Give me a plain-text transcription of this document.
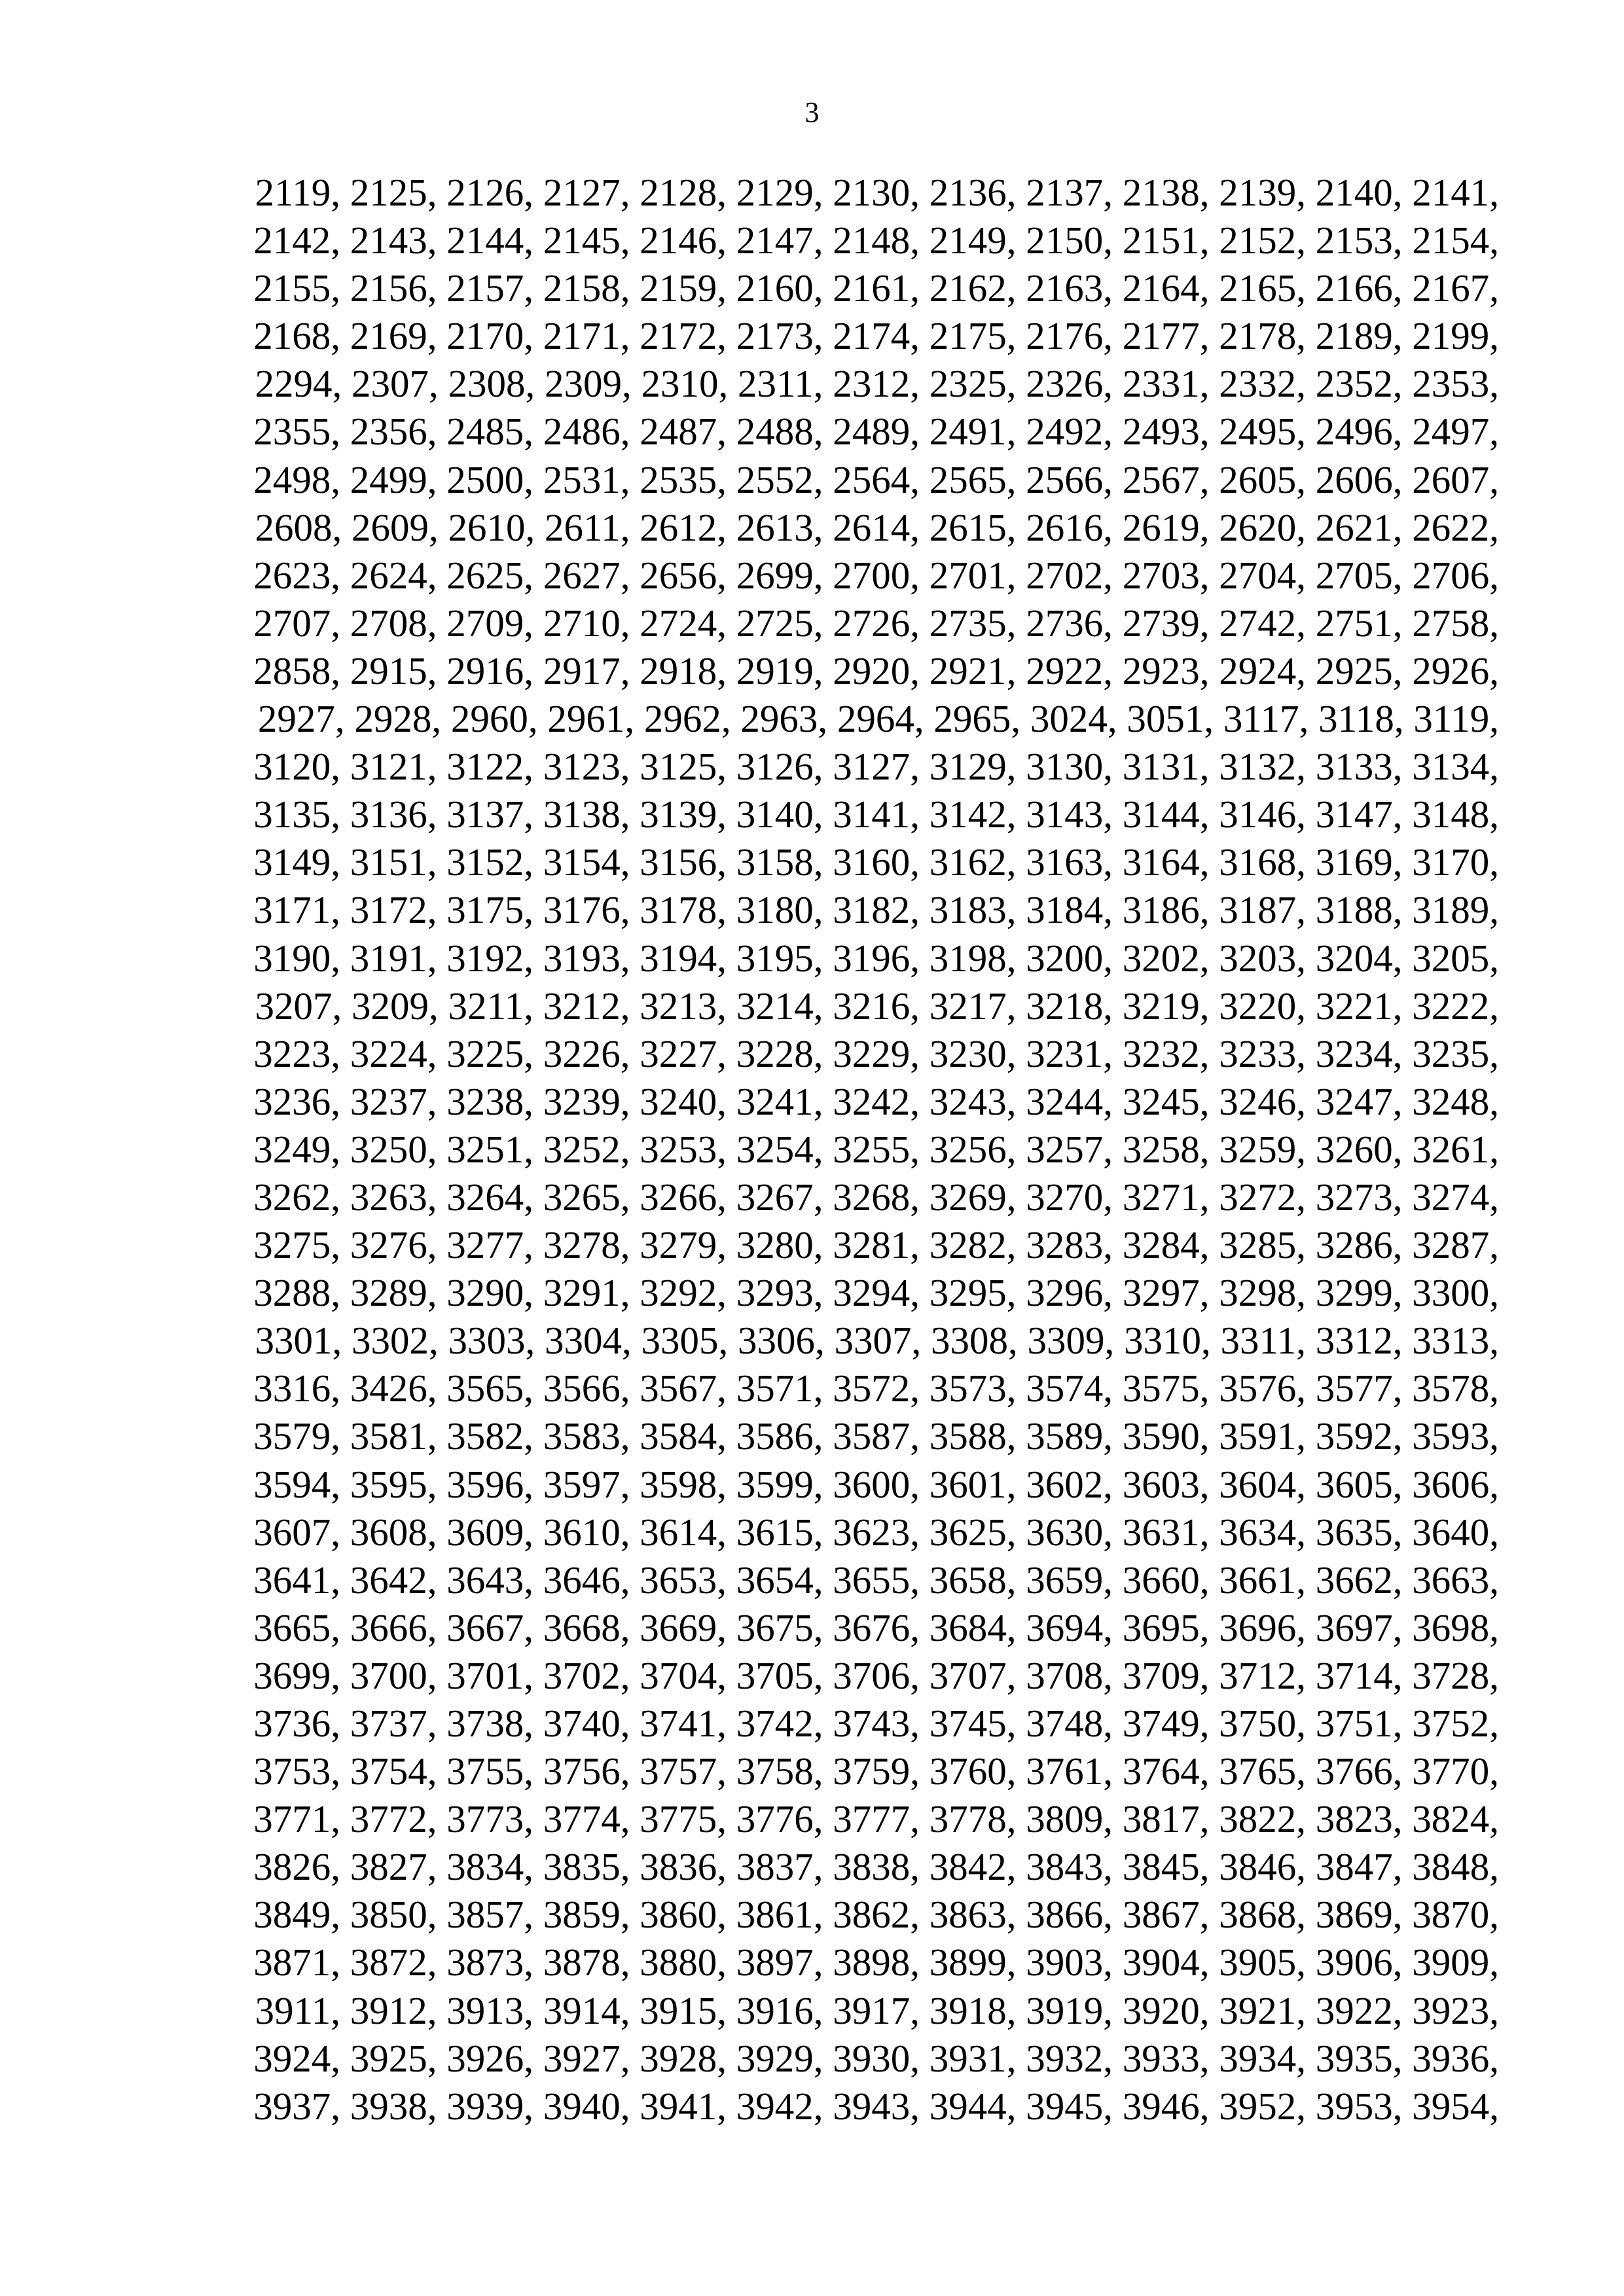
3
2119, 2125, 2126, 2127, 2128, 2129, 2130, 2136, 2137, 2138, 2139, 2140, 2141,
2142, 2143, 2144, 2145, 2146, 2147, 2148, 2149, 2150, 2151, 2152, 2153, 2154,
2155, 2156, 2157, 2158, 2159, 2160, 2161, 2162, 2163, 2164, 2165, 2166, 2167,
2168, 2169, 2170, 2171, 2172, 2173, 2174, 2175, 2176, 2177, 2178, 2189, 2199,
2294, 2307, 2308, 2309, 2310, 2311, 2312, 2325, 2326, 2331, 2332, 2352, 2353,
2355, 2356, 2485, 2486, 2487, 2488, 2489, 2491, 2492, 2493, 2495, 2496, 2497,
2498, 2499, 2500, 2531, 2535, 2552, 2564, 2565, 2566, 2567, 2605, 2606, 2607,
2608, 2609, 2610, 2611, 2612, 2613, 2614, 2615, 2616, 2619, 2620, 2621, 2622,
2623, 2624, 2625, 2627, 2656, 2699, 2700, 2701, 2702, 2703, 2704, 2705, 2706,
2707, 2708, 2709, 2710, 2724, 2725, 2726, 2735, 2736, 2739, 2742, 2751, 2758,
2858, 2915, 2916, 2917, 2918, 2919, 2920, 2921, 2922, 2923, 2924, 2925, 2926,
2927, 2928, 2960, 2961, 2962, 2963, 2964, 2965, 3024, 3051, 3117, 3118, 3119,
3120, 3121, 3122, 3123, 3125, 3126, 3127, 3129, 3130, 3131, 3132, 3133, 3134,
3135, 3136, 3137, 3138, 3139, 3140, 3141, 3142, 3143, 3144, 3146, 3147, 3148,
3149, 3151, 3152, 3154, 3156, 3158, 3160, 3162, 3163, 3164, 3168, 3169, 3170,
3171, 3172, 3175, 3176, 3178, 3180, 3182, 3183, 3184, 3186, 3187, 3188, 3189,
3190, 3191, 3192, 3193, 3194, 3195, 3196, 3198, 3200, 3202, 3203, 3204, 3205,
3207, 3209, 3211, 3212, 3213, 3214, 3216, 3217, 3218, 3219, 3220, 3221, 3222,
3223, 3224, 3225, 3226, 3227, 3228, 3229, 3230, 3231, 3232, 3233, 3234, 3235,
3236, 3237, 3238, 3239, 3240, 3241, 3242, 3243, 3244, 3245, 3246, 3247, 3248,
3249, 3250, 3251, 3252, 3253, 3254, 3255, 3256, 3257, 3258, 3259, 3260, 3261,
3262, 3263, 3264, 3265, 3266, 3267, 3268, 3269, 3270, 3271, 3272, 3273, 3274,
3275, 3276, 3277, 3278, 3279, 3280, 3281, 3282, 3283, 3284, 3285, 3286, 3287,
3288, 3289, 3290, 3291, 3292, 3293, 3294, 3295, 3296, 3297, 3298, 3299, 3300,
3301, 3302, 3303, 3304, 3305, 3306, 3307, 3308, 3309, 3310, 3311, 3312, 3313,
3316, 3426, 3565, 3566, 3567, 3571, 3572, 3573, 3574, 3575, 3576, 3577, 3578,
3579, 3581, 3582, 3583, 3584, 3586, 3587, 3588, 3589, 3590, 3591, 3592, 3593,
3594, 3595, 3596, 3597, 3598, 3599, 3600, 3601, 3602, 3603, 3604, 3605, 3606,
3607, 3608, 3609, 3610, 3614, 3615, 3623, 3625, 3630, 3631, 3634, 3635, 3640,
3641, 3642, 3643, 3646, 3653, 3654, 3655, 3658, 3659, 3660, 3661, 3662, 3663,
3665, 3666, 3667, 3668, 3669, 3675, 3676, 3684, 3694, 3695, 3696, 3697, 3698,
3699, 3700, 3701, 3702, 3704, 3705, 3706, 3707, 3708, 3709, 3712, 3714, 3728,
3736, 3737, 3738, 3740, 3741, 3742, 3743, 3745, 3748, 3749, 3750, 3751, 3752,
3753, 3754, 3755, 3756, 3757, 3758, 3759, 3760, 3761, 3764, 3765, 3766, 3770,
3771, 3772, 3773, 3774, 3775, 3776, 3777, 3778, 3809, 3817, 3822, 3823, 3824,
3826, 3827, 3834, 3835, 3836, 3837, 3838, 3842, 3843, 3845, 3846, 3847, 3848,
3849, 3850, 3857, 3859, 3860, 3861, 3862, 3863, 3866, 3867, 3868, 3869, 3870,
3871, 3872, 3873, 3878, 3880, 3897, 3898, 3899, 3903, 3904, 3905, 3906, 3909,
3911, 3912, 3913, 3914, 3915, 3916, 3917, 3918, 3919, 3920, 3921, 3922, 3923,
3924, 3925, 3926, 3927, 3928, 3929, 3930, 3931, 3932, 3933, 3934, 3935, 3936,
3937, 3938, 3939, 3940, 3941, 3942, 3943, 3944, 3945, 3946, 3952, 3953, 3954,
